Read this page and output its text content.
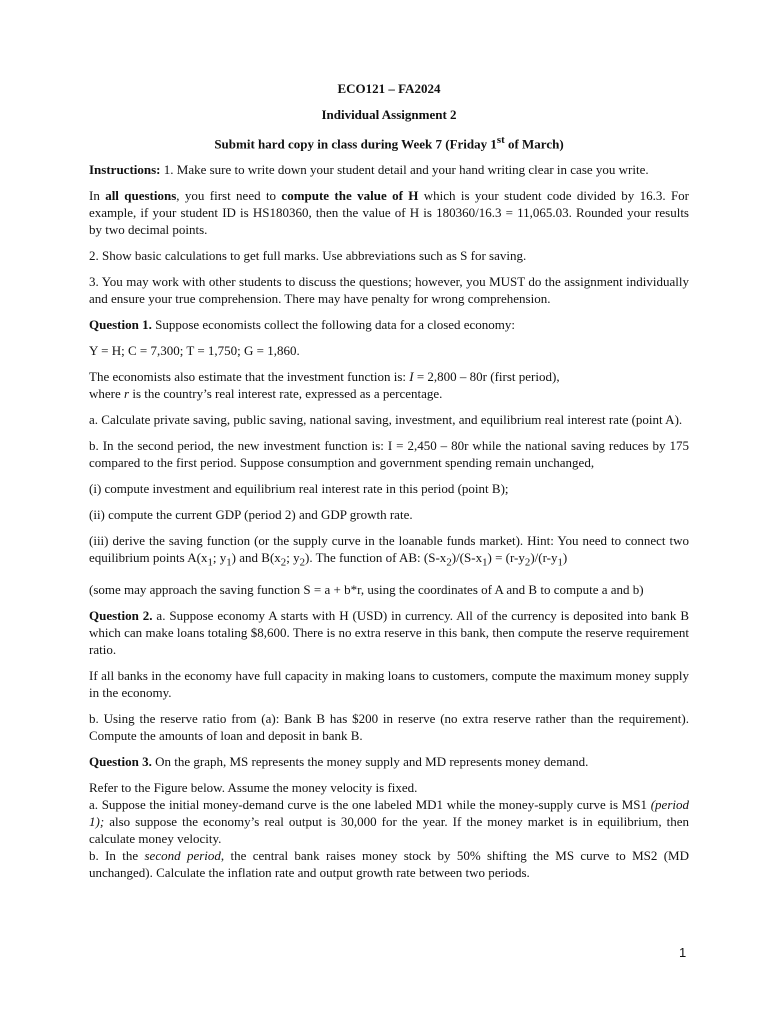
ECO121 – FA2024
Individual Assignment 2
Submit hard copy in class during Week 7 (Friday 1st of March)

Instructions: 1. Make sure to write down your student detail and your hand writing clear in case you write.

In all questions, you first need to compute the value of H which is your student code divided by 16.3. For example, if your student ID is HS180360, then the value of H is 180360/16.3 = 11,065.03. Rounded your results by two decimal points.

2. Show basic calculations to get full marks. Use abbreviations such as S for saving.

3. You may work with other students to discuss the questions; however, you MUST do the assignment individually and ensure your true comprehension. There may have penalty for wrong comprehension.

Question 1. Suppose economists collect the following data for a closed economy:

Y = H; C = 7,300; T = 1,750; G = 1,860.

The economists also estimate that the investment function is: I = 2,800 – 80r (first period),
where r is the country’s real interest rate, expressed as a percentage.

a. Calculate private saving, public saving, national saving, investment, and equilibrium real interest rate (point A).

b. In the second period, the new investment function is: I = 2,450 – 80r while the national saving reduces by 175 compared to the first period. Suppose consumption and government spending remain unchanged,

(i) compute investment and equilibrium real interest rate in this period (point B);

(ii) compute the current GDP (period 2) and GDP growth rate.

(iii) derive the saving function (or the supply curve in the loanable funds market). Hint: You need to connect two equilibrium points $A(x_1$; $y_1$) and $B(x_2$; $y_2$). The function of AB: $(S-x_2)/(S-x_1) = (r-y_2)/(r-y_1)$

(some may approach the saving function S = a + b*r, using the coordinates of A and B to compute a and b)

Question 2. a. Suppose economy A starts with H (USD) in currency. All of the currency is deposited into bank B which can make loans totaling $8,600. There is no extra reserve in this bank, then compute the reserve requirement ratio.

If all banks in the economy have full capacity in making loans to customers, compute the maximum money supply in the economy.

b. Using the reserve ratio from (a): Bank B has $200 in reserve (no extra reserve rather than the requirement). Compute the amounts of loan and deposit in bank B.

Question 3. On the graph, MS represents the money supply and MD represents money demand.

Refer to the Figure below. Assume the money velocity is fixed.

a. Suppose the initial money-demand curve is the one labeled MD1 while the money-supply curve is MS1 (period 1); also suppose the economy’s real output is 30,000 for the year. If the money market is in equilibrium, then calculate money velocity.

b. In the second period, the central bank raises money stock by 50% shifting the MS curve to MS2 (MD unchanged). Calculate the inflation rate and output growth rate between two periods.

1
